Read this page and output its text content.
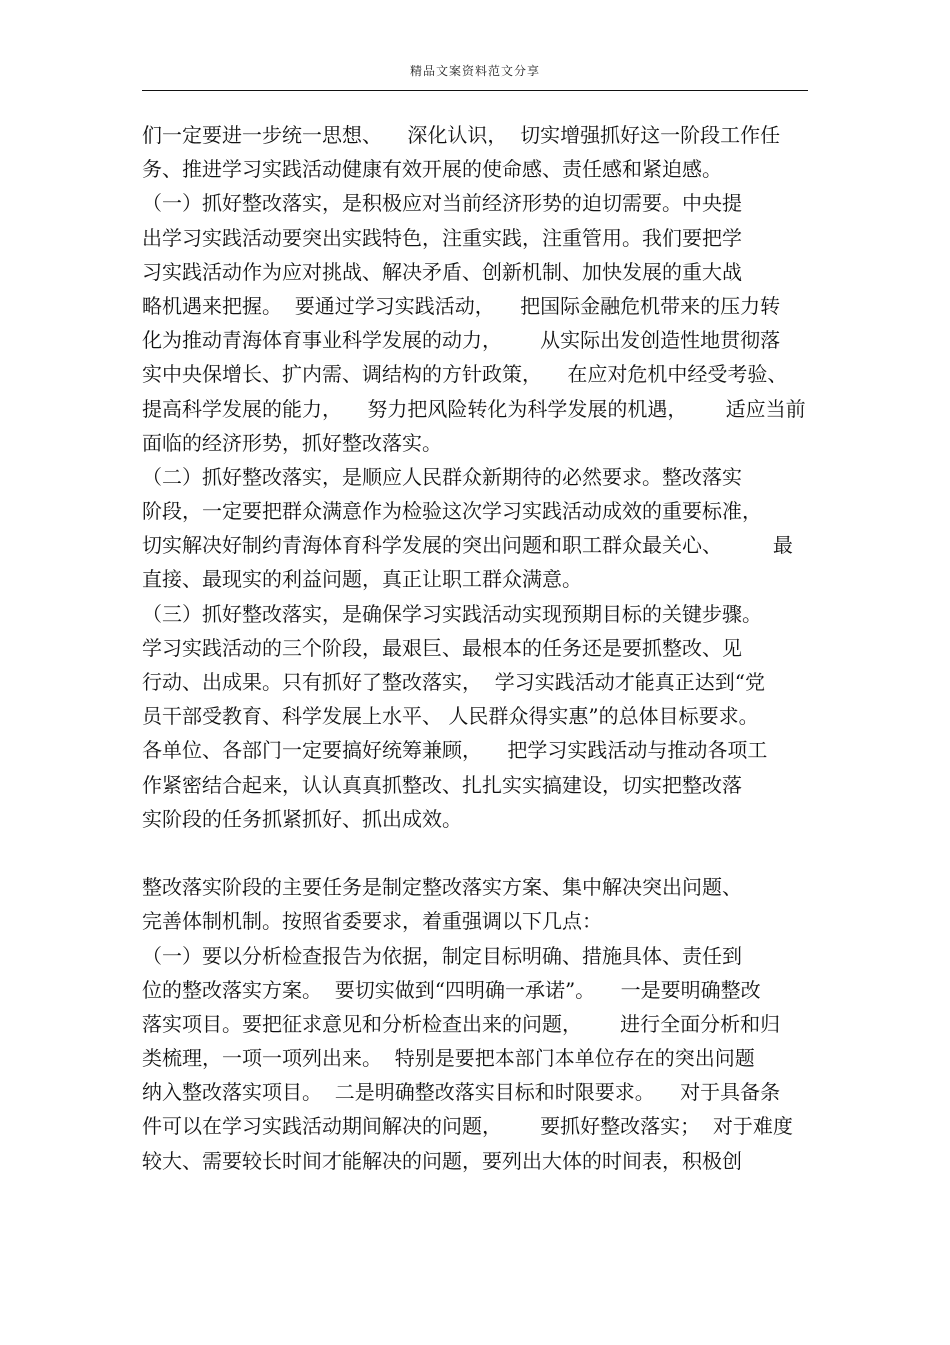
精品文案资料范文分享
们一定要进一步统一思想、    深化认识，  切实增强抓好这一阶段工作任
务、推进学习实践活动健康有效开展的使命感、责任感和紧迫感。
（一）抓好整改落实，是积极应对当前经济形势的迫切需要。中央提
出学习实践活动要突出实践特色，注重实践，注重管用。我们要把学
习实践活动作为应对挑战、解决矛盾、创新机制、加快发展的重大战
略机遇来把握。  要通过学习实践活动，    把国际金融危机带来的压力转
化为推动青海体育事业科学发展的动力，      从实际出发创造性地贯彻落
实中央保增长、扩内需、调结构的方针政策，    在应对危机中经受考验、
提高科学发展的能力，    努力把风险转化为科学发展的机遇，      适应当前
面临的经济形势，抓好整改落实。
（二）抓好整改落实，是顺应人民群众新期待的必然要求。整改落实
阶段，一定要把群众满意作为检验这次学习实践活动成效的重要标准，
切实解决好制约青海体育科学发展的突出问题和职工群众最关心、        最
直接、最现实的利益问题，真正让职工群众满意。
（三）抓好整改落实，是确保学习实践活动实现预期目标的关键步骤。
学习实践活动的三个阶段，最艰巨、最根本的任务还是要抓整改、见
行动、出成果。只有抓好了整改落实，  学习实践活动才能真正达到“党
员干部受教育、科学发展上水平、 人民群众得实惠”的总体目标要求。
各单位、各部门一定要搞好统筹兼顾，    把学习实践活动与推动各项工
作紧密结合起来，认认真真抓整改、扎扎实实搞建设，切实把整改落
实阶段的任务抓紧抓好、抓出成效。
整改落实阶段的主要任务是制定整改落实方案、集中解决突出问题、
完善体制机制。按照省委要求，着重强调以下几点：
（一）要以分析检查报告为依据，制定目标明确、措施具体、责任到
位的整改落实方案。  要切实做到“四明确一承诺”。    一是要明确整改
落实项目。要把征求意见和分析检查出来的问题，      进行全面分析和归
类梳理，一项一项列出来。  特别是要把本部门本单位存在的突出问题
纳入整改落实项目。  二是明确整改落实目标和时限要求。    对于具备条
件可以在学习实践活动期间解决的问题，      要抓好整改落实；  对于难度
较大、需要较长时间才能解决的问题，要列出大体的时间表，积极创
